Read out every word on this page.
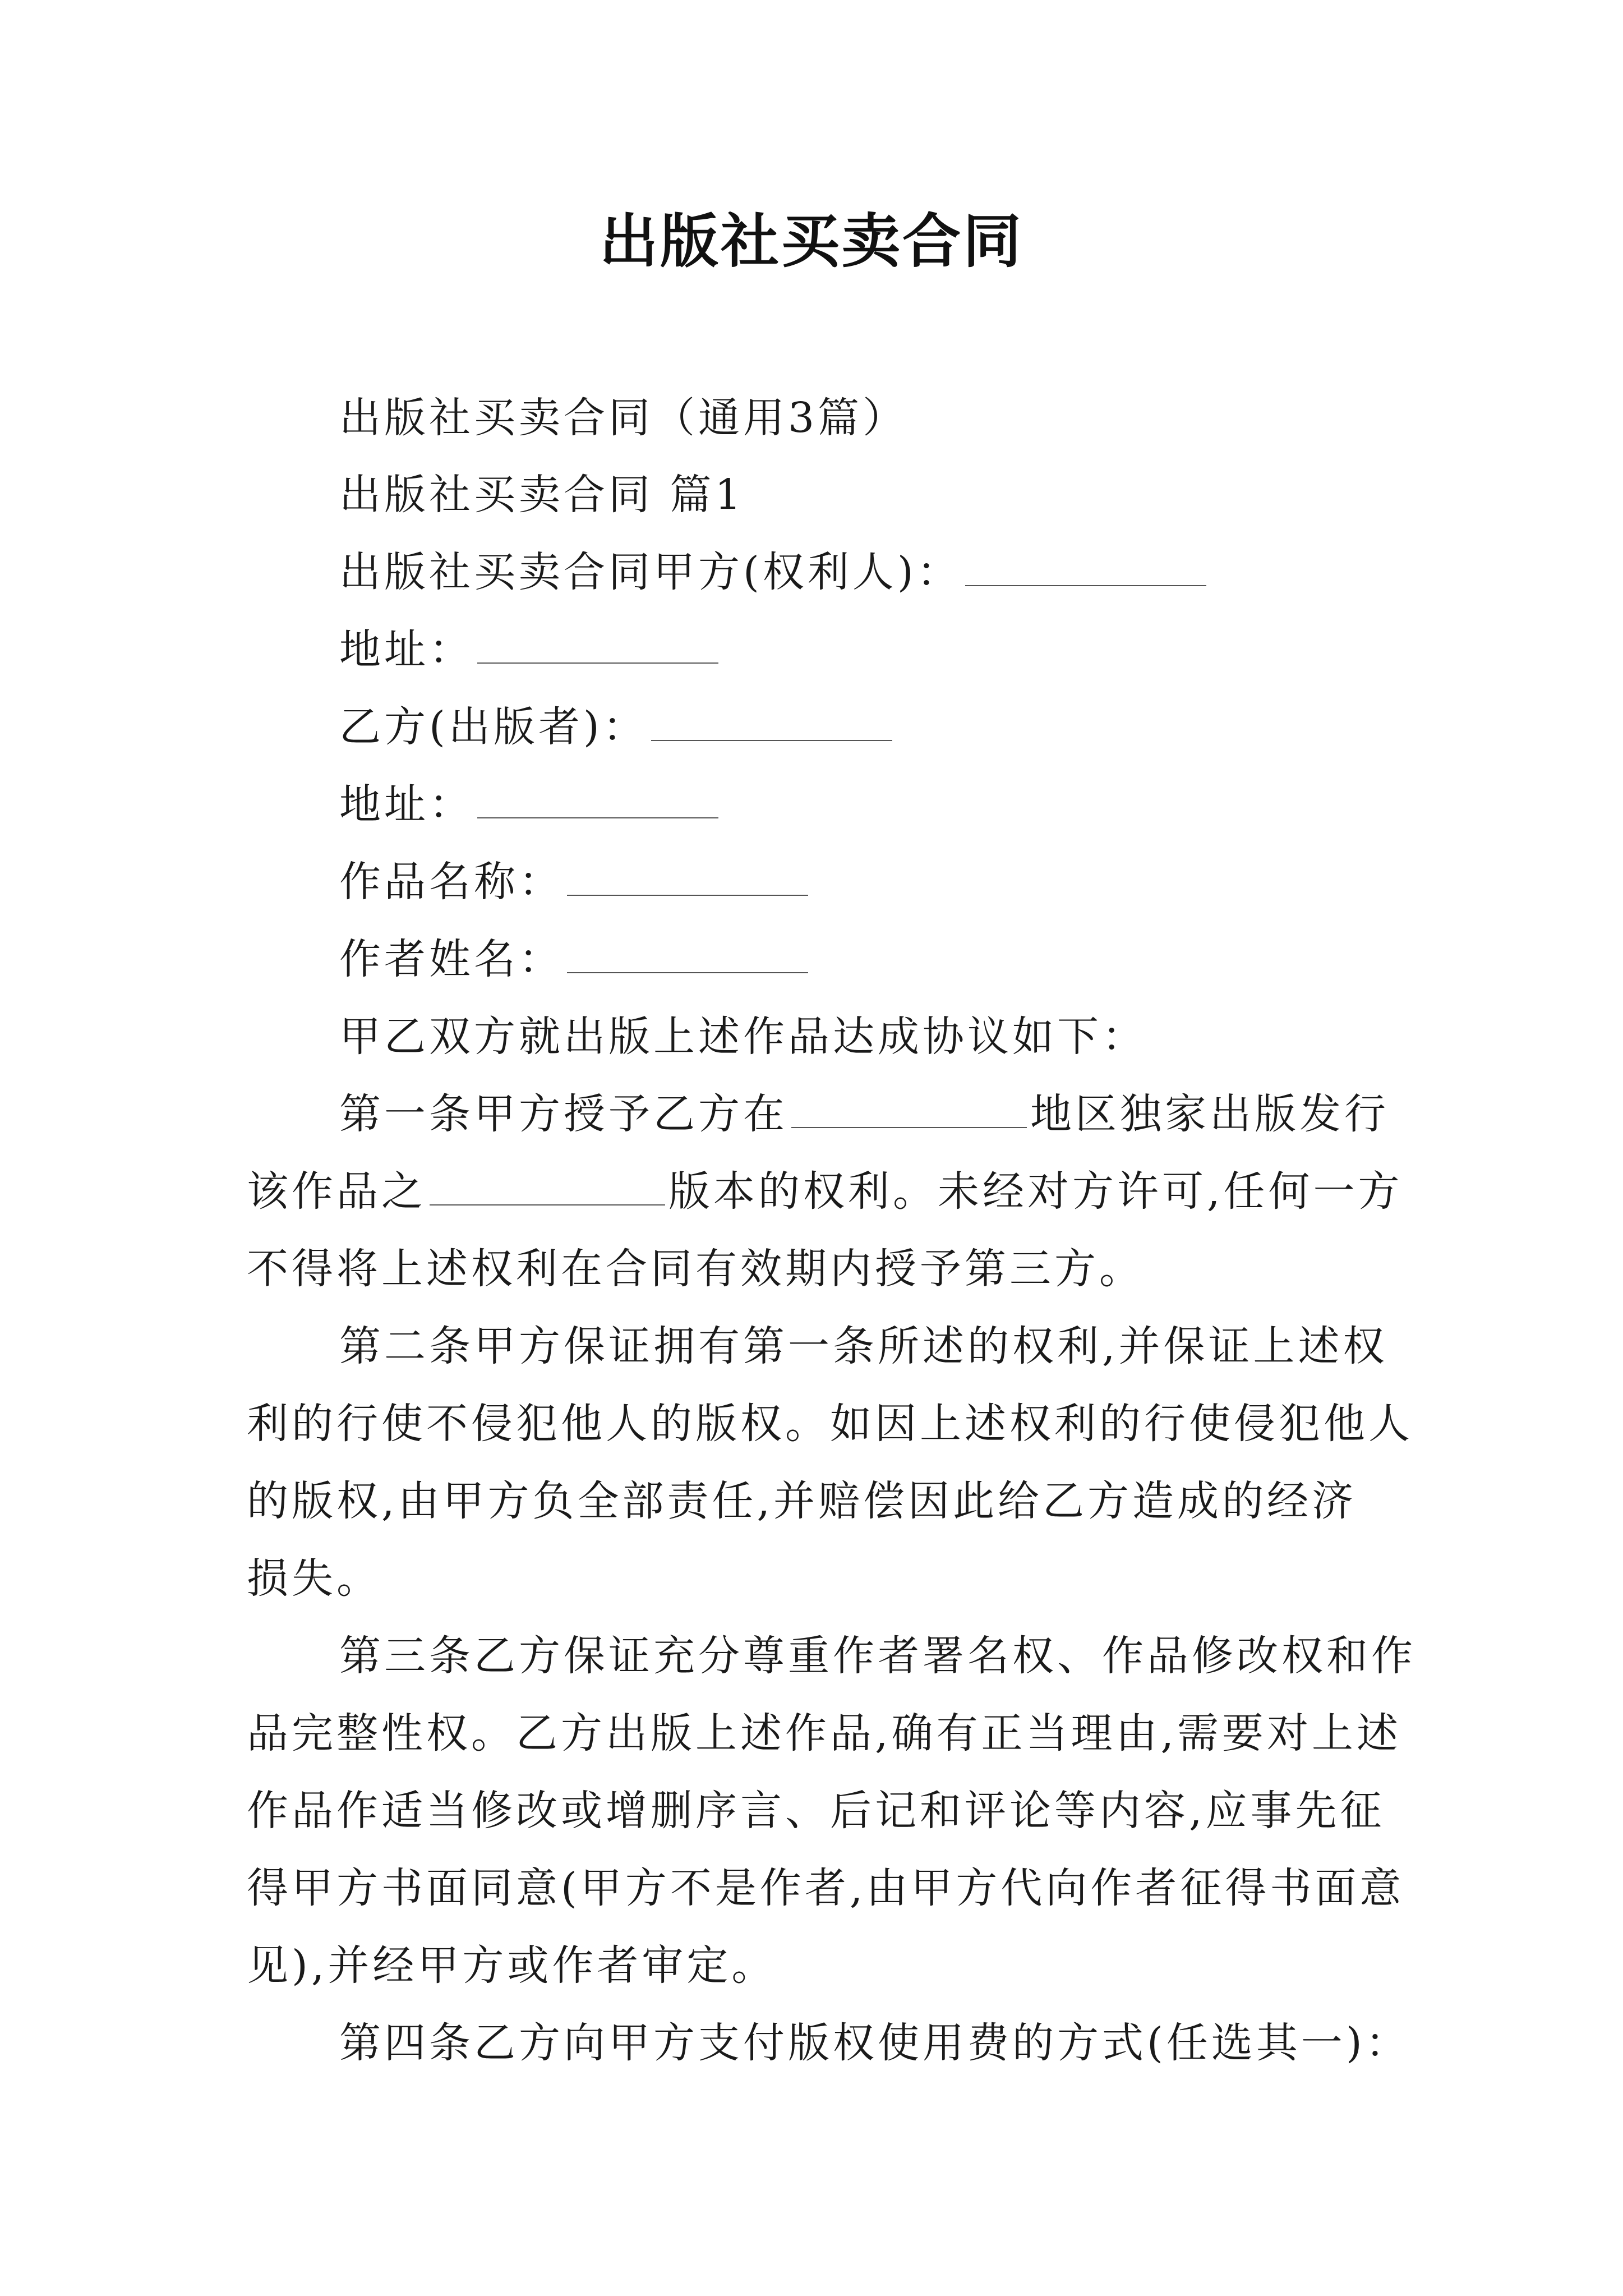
出版社买卖合同
出版社买卖合同（通用3篇）
出版社买卖合同 篇1
出版社买卖合同甲方(权利人)：
地址：
乙方(出版者)：
地址：
作品名称：
作者姓名：
甲乙双方就出版上述作品达成协议如下：
第一条甲方授予乙方在	地区独家出版发行
该作品之	版本的权利。未经对方许可,任何一方
不得将上述权利在合同有效期内授予第三方。
第二条甲方保证拥有第一条所述的权利,并保证上述权
利的行使不侵犯他人的版权。如因上述权利的行使侵犯他人
的版权,由甲方负全部责任,并赔偿因此给乙方造成的经济
损失。
第三条乙方保证充分尊重作者署名权、作品修改权和作
品完整性权。乙方出版上述作品,确有正当理由,需要对上述
作品作适当修改或增删序言、后记和评论等内容,应事先征
得甲方书面同意(甲方不是作者,由甲方代向作者征得书面意
见),并经甲方或作者审定。
第四条乙方向甲方支付版权使用费的方式(任选其一)：
